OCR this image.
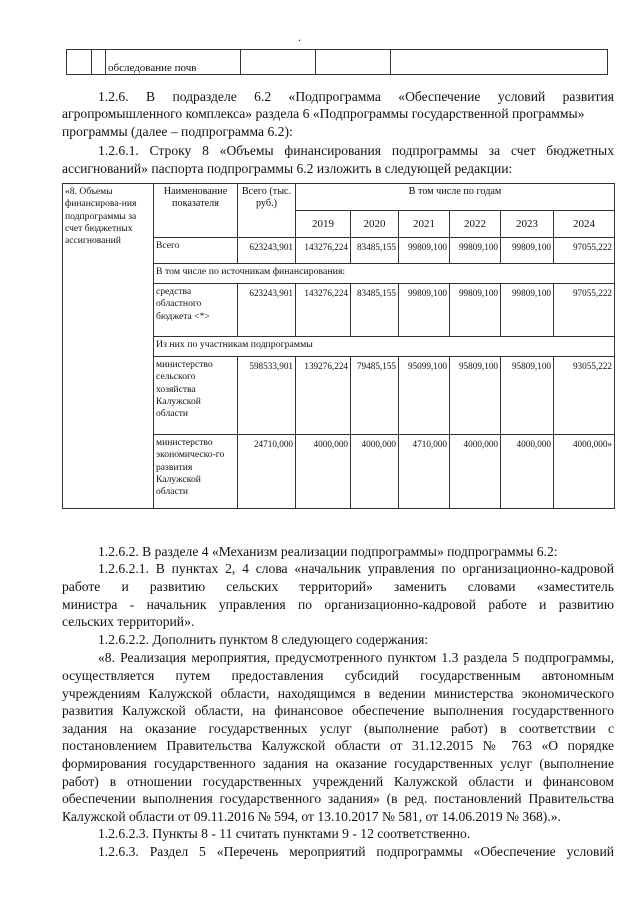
.
		обследование почв			
1.2.6. В подразделе 6.2 «Подпрограмма «Обеспечение условий развития
агропромышленного комплекса» раздела 6 «Подпрограммы государственной программы»
программы (далее – подпрограмма 6.2):
1.2.6.1. Строку 8 «Объемы финансирования подпрограммы за счет бюджетных
ассигнований» паспорта подпрограммы 6.2 изложить в следующей редакции:
«8. Объемы финансирова-ния подпрограммы за счет бюджетных ассигнований	Наименование показателя	Всего (тыс. руб.)	В том числе по годам					
			2019	2020	2021	2022	2023	2024
	Всего	623243,901	143276,224	83485,155	99809,100	99809,100	99809,100	97055,222
	В том числе по источникам финансирования:							
	средства областного бюджета <*>	623243,901	143276,224	83485,155	99809,100	99809,100	99809,100	97055,222
	Из них по участникам подпрограммы							
	министерство сельского хозяйства Калужской области	598533,901	139276,224	79485,155	95099,100	95809,100	95809,100	93055,222
	министерство экономическо-го развития Калужской области	24710,000	4000,000	4000,000	4710,000	4000,000	4000,000	4000,000»
1.2.6.2. В разделе 4 «Механизм реализации подпрограммы» подпрограммы 6.2:
1.2.6.2.1. В пунктах 2, 4 слова «начальник управления по организационно-кадровой
работе и развитию сельских территорий» заменить словами «заместитель
министра - начальник управления по организационно-кадровой работе и развитию
сельских территорий».
1.2.6.2.2. Дополнить пунктом 8 следующего содержания:
«8. Реализация мероприятия, предусмотренного пунктом 1.3 раздела 5 подпрограммы,
осуществляется путем предоставления субсидий государственным автономным
учреждениям Калужской области, находящимся в ведении министерства экономического
развития Калужской области, на финансовое обеспечение выполнения государственного
задания на оказание государственных услуг (выполнение работ) в соответствии с
постановлением Правительства Калужской области от 31.12.2015 № 763 «О порядке
формирования государственного задания на оказание государственных услуг (выполнение
работ) в отношении государственных учреждений Калужской области и финансовом
обеспечении выполнения государственного задания» (в ред. постановлений Правительства
Калужской области от 09.11.2016 № 594, от 13.10.2017 № 581, от 14.06.2019 № 368).».
1.2.6.2.3. Пункты 8 - 11 считать пунктами 9 - 12 соответственно.
1.2.6.3. Раздел 5 «Перечень мероприятий подпрограммы «Обеспечение условий
